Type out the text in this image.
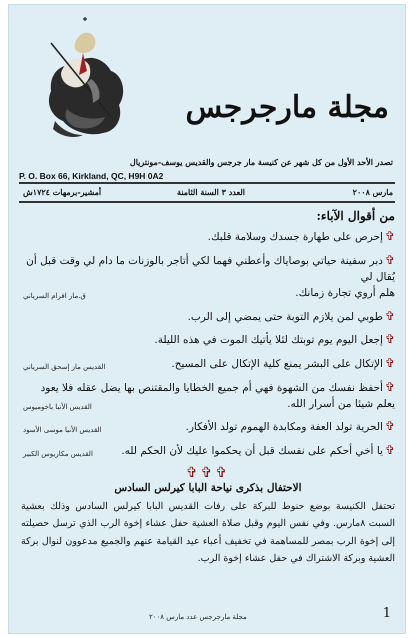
مجلة مارجرجس
تصدر الأحد الأول من كل شهر عن كنيسة مار جرجس والقديس يوسف-مونتريال
P. O. Box 66, Kirkland, QC, H9H 0A2
مارس ۲۰۰۸
العدد ۳ السنة الثامنة
أمشير-برمهات ١٧٢٤ش
من أقوال الآباء:
✞إحرص على طهارة جسدك وسلامة قلبك.
✞دبر سفينة حياتي بوصاياك وأعطني فهما لكي أتاجر بالوزنات ما دام لي وقت قبل أن يُقال لي
هلم أروي تجارة زمانك.
ق.مار افرام السرياني
✞طوبي لمن يلازم التوبة حتى يمضي إلى الرب.
✞إجعل اليوم يوم توبتك لئلا يأتيك الموت في هذه الليلة.
✞الإتكال على البشر يمنع كلية الإتكال على المسيح.
القديس مار إسحق السرياني
✞أحفظ نفسك من الشهوة فهي أم جميع الخطايا والمقتنص بها يضل عقله فلا يعود
يعلم شيئا من أسرار الله.
القديس الأنبا باخوميوس
✞الحرية تولد العفة ومكابدة الهموم تولد الأفكار.
القديس الأنبا موسى الأسود
✞يا أخي أحكم على نفسك قبل أن يحكموا عليك لأن الحكم لله.
القديس مكاريوس الكبير
✞✞✞
الاحتفال بذكرى نياحة البابا كيرلس السادس
تحتفل الكنيسة بوضع حنوط للبركة على رفات القديس البابا كيرلس السادس وذلك بعشية السبت ٨مارس. وفي نفس اليوم وقبل صلاة العشية حفل عشاء إخوة الرب الذي ترسل حصيلته إلى إخوة الرب بمصر للمساهمة في تخفيف أعباء عيد القيامة عنهم والجميع مدعوون لنوال بركة العشية وبركة الاشتراك في حفل عشاء إخوة الرب.
مجلة مارجرجس عدد مارس ۲۰۰۸	1
